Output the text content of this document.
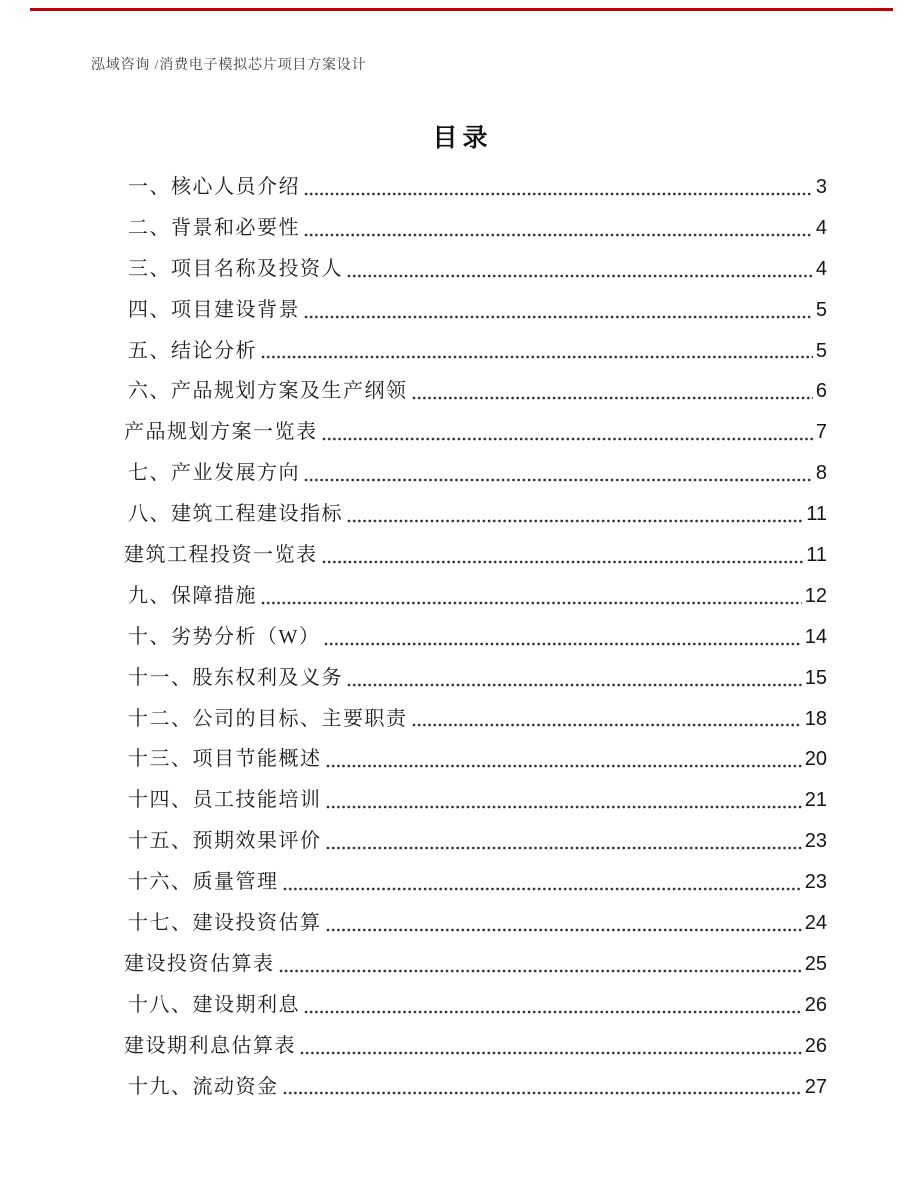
泓域咨询 /消费电子模拟芯片项目方案设计
目录
一、核心人员介绍	3
二、背景和必要性	4
三、项目名称及投资人	4
四、项目建设背景	5
五、结论分析	5
六、产品规划方案及生产纲领	6
产品规划方案一览表	7
七、产业发展方向	8
八、建筑工程建设指标	11
建筑工程投资一览表	11
九、保障措施	12
十、劣势分析（W）	14
十一、股东权利及义务	15
十二、公司的目标、主要职责	18
十三、项目节能概述	20
十四、员工技能培训	21
十五、预期效果评价	23
十六、质量管理	23
十七、建设投资估算	24
建设投资估算表	25
十八、建设期利息	26
建设期利息估算表	26
十九、流动资金	27
